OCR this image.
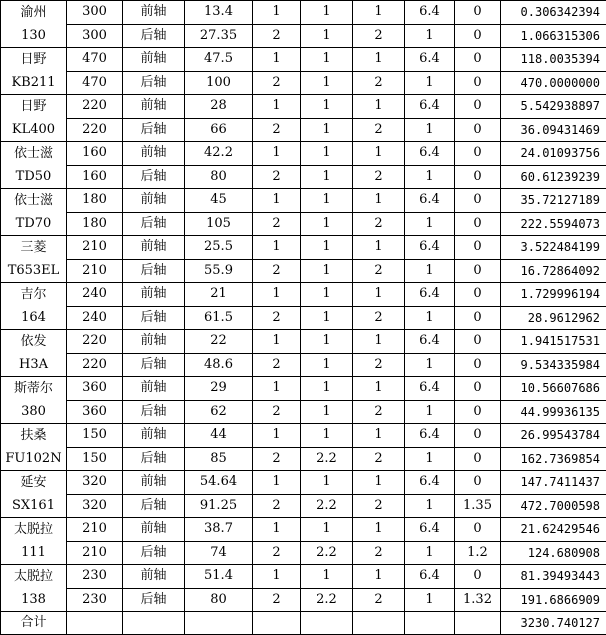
渝州
130	300	前轴	13.4	1	1	1	6.4	0	0.306342394
	300	后轴	27.35	2	1	2	1	0	1.066315306

日野
KB211	470	前轴	47.5	1	1	1	6.4	0	118.0035394
	470	后轴	100	2	1	2	1	0	470.0000000

日野
KL400	220	前轴	28	1	1	1	6.4	0	5.542938897
	220	后轴	66	2	1	2	1	0	36.09431469

依士滋
TD50	160	前轴	42.2	1	1	1	6.4	0	24.01093756
	160	后轴	80	2	1	2	1	0	60.61239239

依士滋
TD70	180	前轴	45	1	1	1	6.4	0	35.72127189
	180	后轴	105	2	1	2	1	0	222.5594073

三菱
T653EL	210	前轴	25.5	1	1	1	6.4	0	3.522484199
	210	后轴	55.9	2	1	2	1	0	16.72864092

吉尔
164	240	前轴	21	1	1	1	6.4	0	1.729996194
	240	后轴	61.5	2	1	2	1	0	28.9612962

依发
H3A	220	前轴	22	1	1	1	6.4	0	1.941517531
	220	后轴	48.6	2	1	2	1	0	9.534335984

斯蒂尔
380	360	前轴	29	1	1	1	6.4	0	10.56607686
	360	后轴	62	2	1	2	1	0	44.99936135

扶桑
FU102N	150	前轴	44	1	1	1	6.4	0	26.99543784
	150	后轴	85	2	2.2	2	1	0	162.7369854

延安
SX161	320	前轴	54.64	1	1	1	6.4	0	147.7411437
	320	后轴	91.25	2	2.2	2	1	1.35	472.7000598

太脱拉
111	210	前轴	38.7	1	1	1	6.4	0	21.62429546
	210	后轴	74	2	2.2	2	1	1.2	124.680908

太脱拉
138	230	前轴	51.4	1	1	1	6.4	0	81.39493443
	230	后轴	80	2	2.2	2	1	1.32	191.6866909
合计									3230.740127
